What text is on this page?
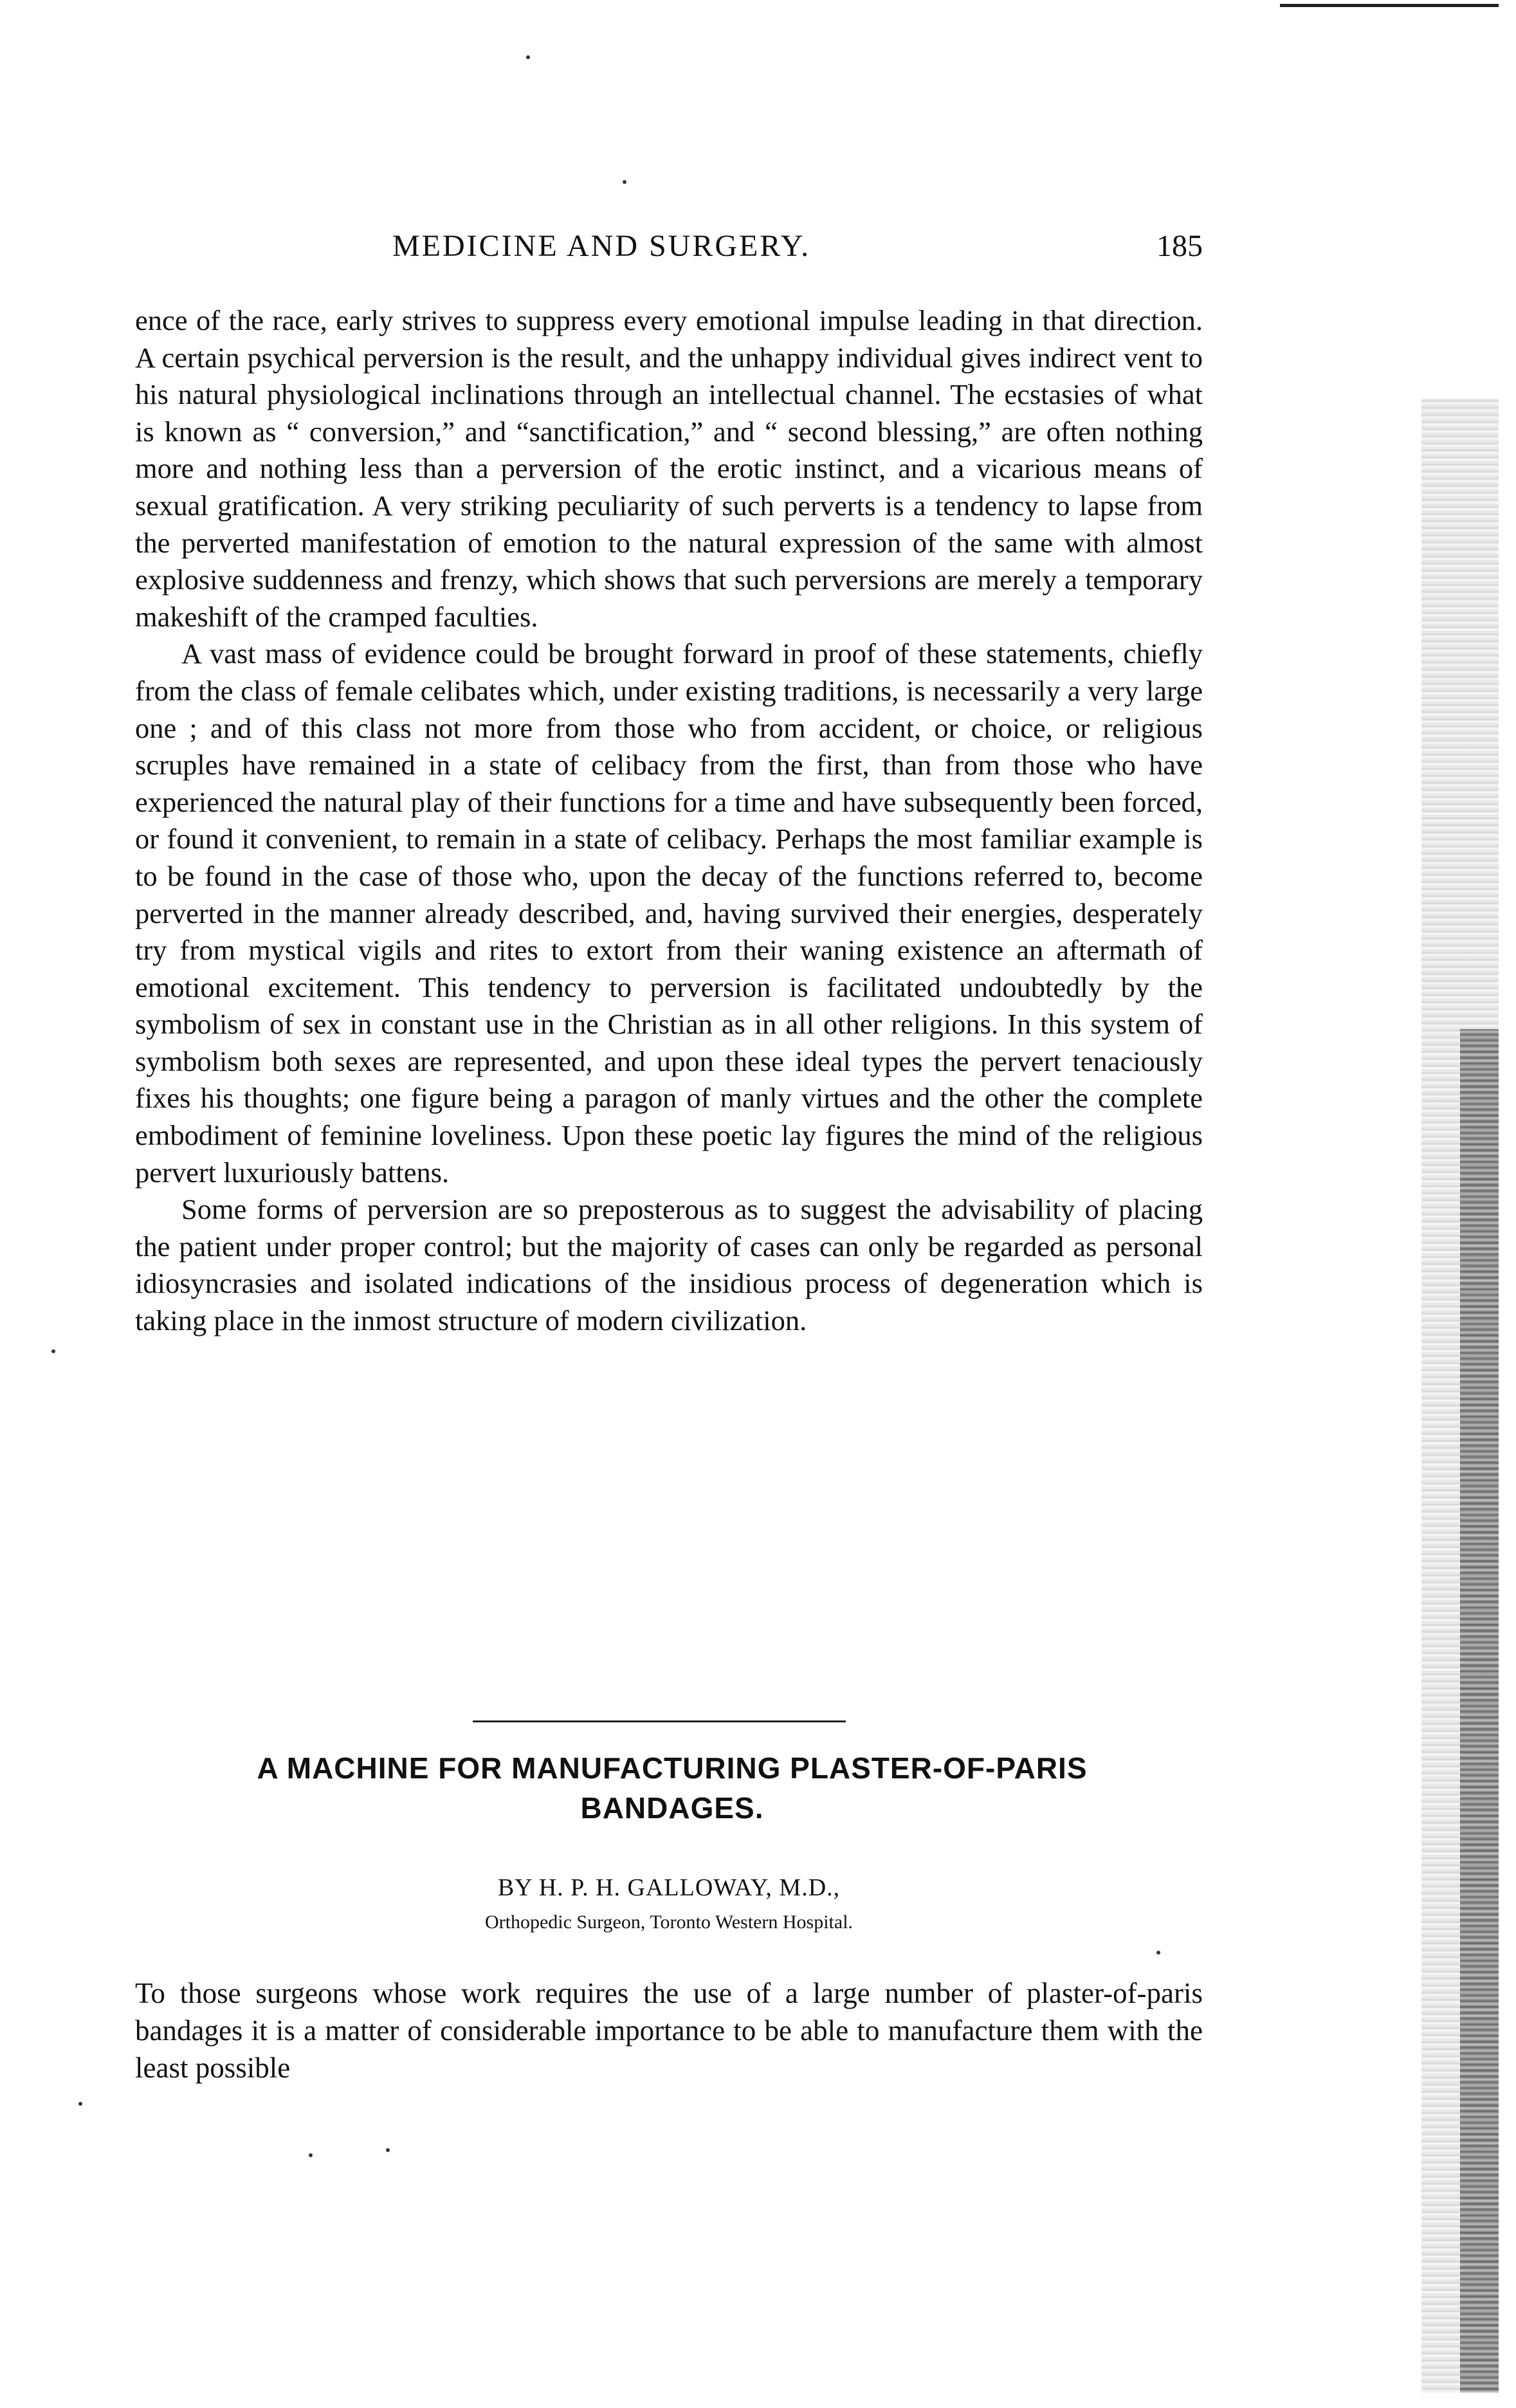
MEDICINE AND SURGERY.	185

ence of the race, early strives to suppress every emotional impulse leading in that direction. A certain psychical perversion is the result, and the unhappy individual gives indirect vent to his natural physiological inclinations through an intellectual channel. The ecstasies of what is known as “ conversion,” and “sanctification,” and “ second blessing,” are often nothing more and nothing less than a perversion of the erotic instinct, and a vicarious means of sexual gratification. A very striking peculiarity of such perverts is a tendency to lapse from the perverted manifestation of emotion to the natural expression of the same with almost explosive suddenness and frenzy, which shows that such perversions are merely a temporary makeshift of the cramped faculties.

A vast mass of evidence could be brought forward in proof of these statements, chiefly from the class of female celibates which, under existing traditions, is necessarily a very large one ; and of this class not more from those who from accident, or choice, or religious scruples have remained in a state of celibacy from the first, than from those who have experienced the natural play of their functions for a time and have subsequently been forced, or found it convenient, to remain in a state of celibacy. Perhaps the most familiar example is to be found in the case of those who, upon the decay of the functions referred to, become perverted in the manner already described, and, having survived their energies, desperately try from mystical vigils and rites to extort from their waning existence an aftermath of emotional excitement. This tendency to perversion is facilitated undoubtedly by the symbolism of sex in constant use in the Christian as in all other religions. In this system of symbolism both sexes are represented, and upon these ideal types the pervert tenaciously fixes his thoughts; one figure being a paragon of manly virtues and the other the complete embodiment of feminine loveliness. Upon these poetic lay figures the mind of the religious pervert luxuriously battens.

Some forms of perversion are so preposterous as to suggest the advisability of placing the patient under proper control; but the majority of cases can only be regarded as personal idiosyncrasies and isolated indications of the insidious process of degeneration which is taking place in the inmost structure of modern civilization.

A MACHINE FOR MANUFACTURING PLASTER-OF-PARIS
BANDAGES.
BY H. P. H. GALLOWAY, M.D.,
Orthopedic Surgeon, Toronto Western Hospital.

To those surgeons whose work requires the use of a large number of plaster-of-paris bandages it is a matter of considerable importance to be able to manufacture them with the least possible
